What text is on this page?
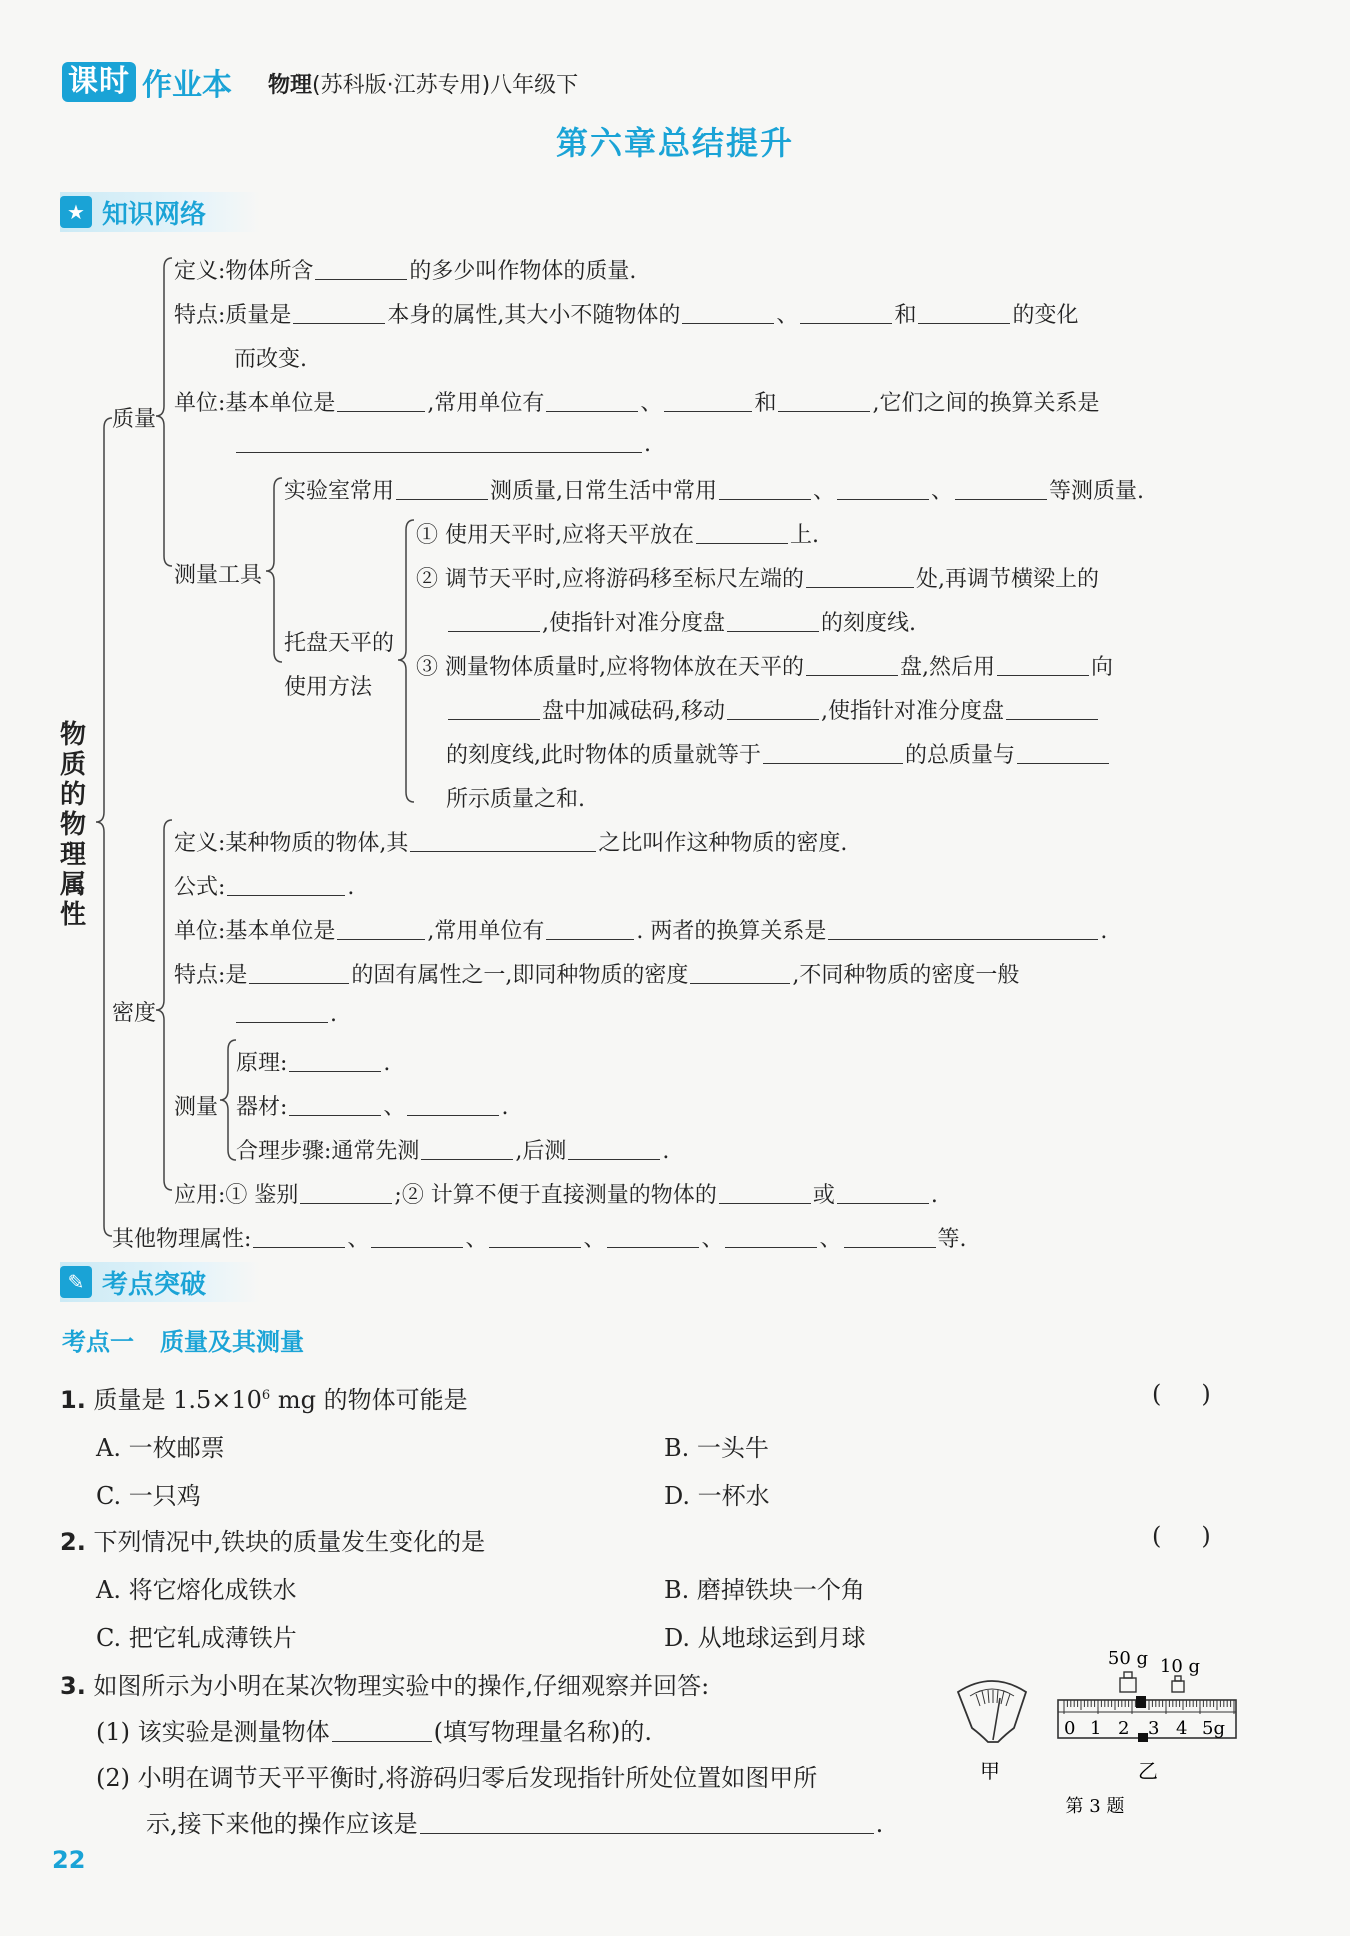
课时 作业本 物理(苏科版·江苏专用)八年级下
第六章总结提升
★ 知识网络
物质的物理属性
质量
定义:物体所含	的多少叫作物体的质量.
特点:质量是	本身的属性,其大小不随物体的	、	和	的变化
而改变.
单位:基本单位是	,常用单位有	、	和	,它们之间的换算关系是
.
测量工具
实验室常用	测质量,日常生活中常用	、	、	等测质量.
托盘天平的
使用方法
① 使用天平时,应将天平放在	上.
② 调节天平时,应将游码移至标尺左端的	处,再调节横梁上的
,使指针对准分度盘	的刻度线.
③ 测量物体质量时,应将物体放在天平的	盘,然后用	向
盘中加减砝码,移动	,使指针对准分度盘
的刻度线,此时物体的质量就等于	的总质量与
所示质量之和.
密度
定义:某种物质的物体,其	之比叫作这种物质的密度.
公式:	.
单位:基本单位是	,常用单位有	. 两者的换算关系是	.
特点:是	的固有属性之一,即同种物质的密度	,不同种物质的密度一般
.
测量
原理:	.
器材:	、	.
合理步骤:通常先测	,后测	.
应用:① 鉴别	;② 计算不便于直接测量的物体的	或	.
其他物理属性:	、	、	、	、	、	等.
✎ 考点突破
考点一 质量及其测量
1. 质量是 $1.5\times 10^6$ mg 的物体可能是	()
A. 一枚邮票	B. 一头牛
C. 一只鸡	D. 一杯水
2. 下列情况中,铁块的质量发生变化的是	()
A. 将它熔化成铁水	B. 磨掉铁块一个角
C. 把它轧成薄铁片	D. 从地球运到月球
3. 如图所示为小明在某次物理实验中的操作,仔细观察并回答:
(1) 该实验是测量物体	(填写物理量名称)的.
(2) 小明在调节天平平衡时,将游码归零后发现指针所处位置如图甲所
示,接下来他的操作应该是	.
甲
50 g 10 g
0 1 2 3 4 5g
乙
第 3 题
22
